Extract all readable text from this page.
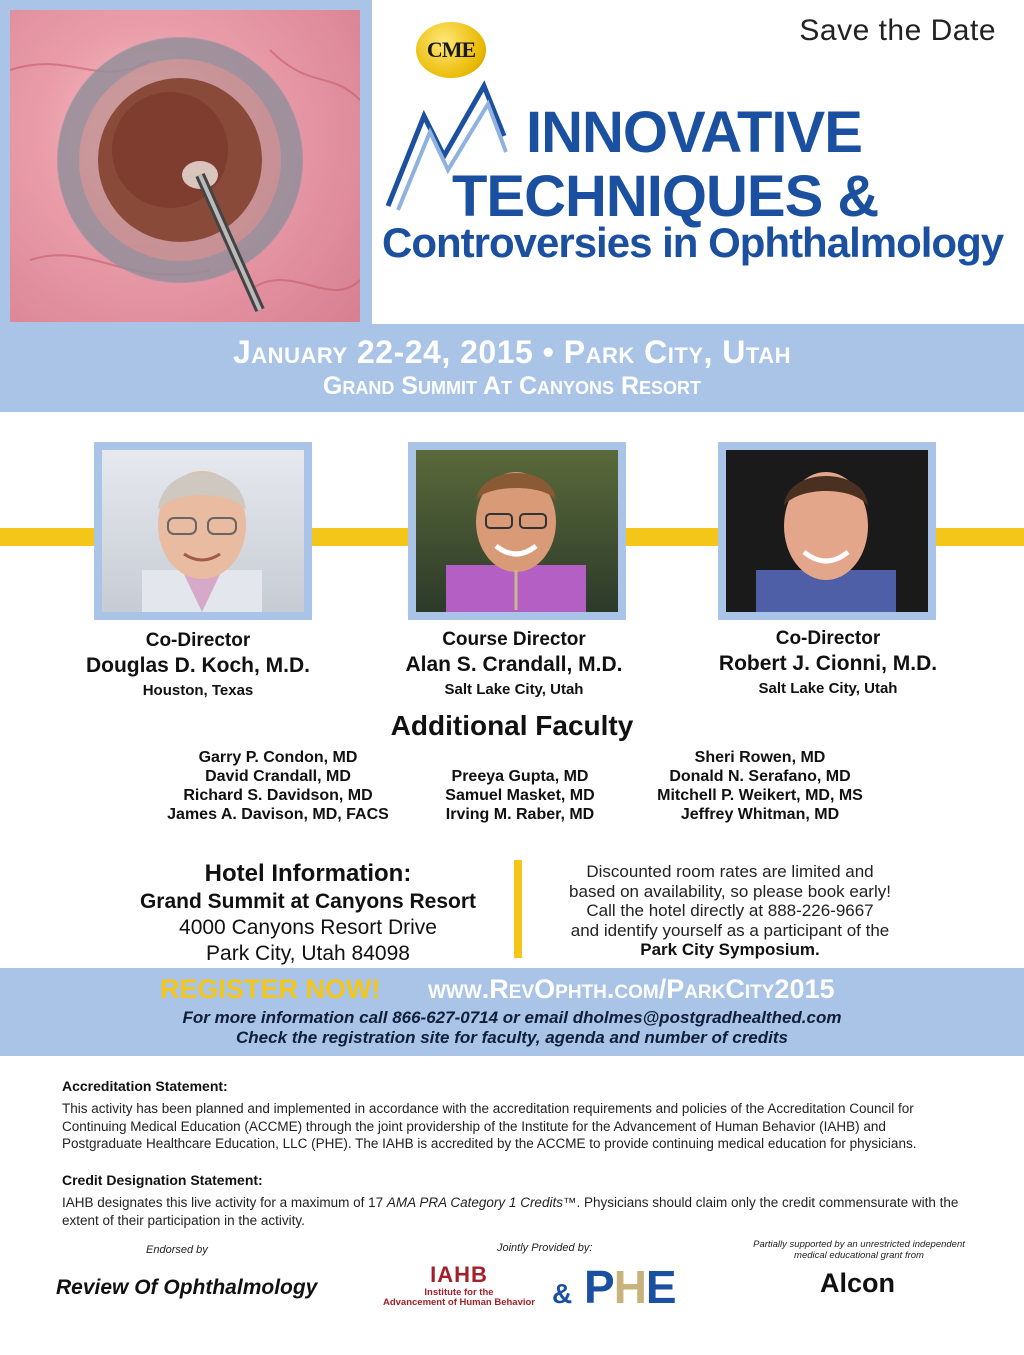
Save the Date
CME
INNOVATIVE
TECHNIQUES &
Controversies in Ophthalmology
January 22-24, 2015 • Park City, Utah
Grand Summit At Canyons Resort
Co-Director
Douglas D. Koch, M.D.
Houston, Texas
Course Director
Alan S. Crandall, M.D.
Salt Lake City, Utah
Co-Director
Robert J. Cionni, M.D.
Salt Lake City, Utah
Additional Faculty
Garry P. Condon, MD
David Crandall, MD
Richard S. Davidson, MD
James A. Davison, MD, FACS
Preeya Gupta, MD
Samuel Masket, MD
Irving M. Raber, MD
Sheri Rowen, MD
Donald N. Serafano, MD
Mitchell P. Weikert, MD, MS
Jeffrey Whitman, MD
Hotel Information:
Grand Summit at Canyons Resort
4000 Canyons Resort Drive
Park City, Utah 84098
Discounted room rates are limited and
based on availability, so please book early!
Call the hotel directly at 888-226-9667
and identify yourself as a participant of the
Park City Symposium.
REGISTER NOW! www.RevOphth.com/ParkCity2015
For more information call 866-627-0714 or email dholmes@postgradhealthed.com
Check the registration site for faculty, agenda and number of credits
Accreditation Statement:
This activity has been planned and implemented in accordance with the accreditation requirements and policies of the Accreditation Council for Continuing Medical Education (ACCME) through the joint providership of the Institute for the Advancement of Human Behavior (IAHB) and Postgraduate Healthcare Education, LLC (PHE). The IAHB is accredited by the ACCME to provide continuing medical education for physicians.
Credit Designation Statement:
IAHB designates this live activity for a maximum of 17 AMA PRA Category 1 Credits™. Physicians should claim only the credit commensurate with the extent of their participation in the activity.
Endorsed by
Review Of Ophthalmology
Jointly Provided by:
IAHB
Institute for the
Advancement of Human Behavior & PHE
Partially supported by an unrestricted independent
medical educational grant from
Alcon
